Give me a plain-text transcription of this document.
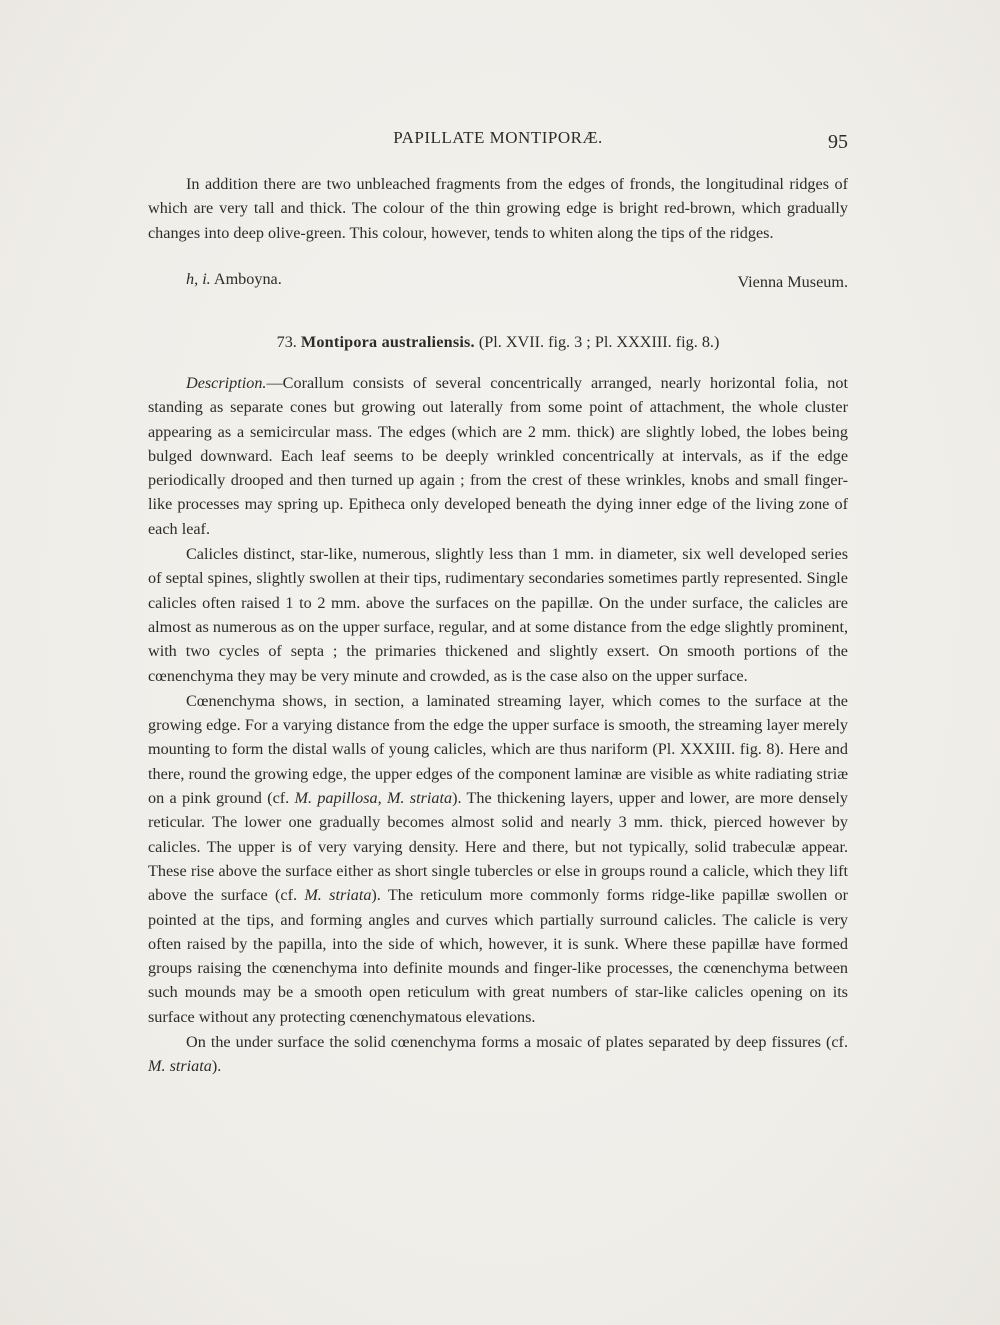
PAPILLATE MONTIPORÆ.	95

In addition there are two unbleached fragments from the edges of fronds, the longitudinal ridges of which are very tall and thick. The colour of the thin growing edge is bright red-brown, which gradually changes into deep olive-green. This colour, however, tends to whiten along the tips of the ridges.

h, i. Amboyna.	Vienna Museum.
73. Montipora australiensis. (Pl. XVII. fig. 3 ; Pl. XXXIII. fig. 8.)

Description.—Corallum consists of several concentrically arranged, nearly horizontal folia, not standing as separate cones but growing out laterally from some point of attachment, the whole cluster appearing as a semicircular mass. The edges (which are 2 mm. thick) are slightly lobed, the lobes being bulged downward. Each leaf seems to be deeply wrinkled concentrically at intervals, as if the edge periodically drooped and then turned up again ; from the crest of these wrinkles, knobs and small finger-like processes may spring up. Epitheca only developed beneath the dying inner edge of the living zone of each leaf.

Calicles distinct, star-like, numerous, slightly less than 1 mm. in diameter, six well developed series of septal spines, slightly swollen at their tips, rudimentary secondaries sometimes partly represented. Single calicles often raised 1 to 2 mm. above the surfaces on the papillæ. On the under surface, the calicles are almost as numerous as on the upper surface, regular, and at some distance from the edge slightly prominent, with two cycles of septa ; the primaries thickened and slightly exsert. On smooth portions of the cœnenchyma they may be very minute and crowded, as is the case also on the upper surface.

Cœnenchyma shows, in section, a laminated streaming layer, which comes to the surface at the growing edge. For a varying distance from the edge the upper surface is smooth, the streaming layer merely mounting to form the distal walls of young calicles, which are thus nariform (Pl. XXXIII. fig. 8). Here and there, round the growing edge, the upper edges of the component laminæ are visible as white radiating striæ on a pink ground (cf. M. papillosa, M. striata). The thickening layers, upper and lower, are more densely reticular. The lower one gradually becomes almost solid and nearly 3 mm. thick, pierced however by calicles. The upper is of very varying density. Here and there, but not typically, solid trabeculæ appear. These rise above the surface either as short single tubercles or else in groups round a calicle, which they lift above the surface (cf. M. striata). The reticulum more commonly forms ridge-like papillæ swollen or pointed at the tips, and forming angles and curves which partially surround calicles. The calicle is very often raised by the papilla, into the side of which, however, it is sunk. Where these papillæ have formed groups raising the cœnenchyma into definite mounds and finger-like processes, the cœnenchyma between such mounds may be a smooth open reticulum with great numbers of star-like calicles opening on its surface without any protecting cœnenchymatous elevations.

On the under surface the solid cœnenchyma forms a mosaic of plates separated by deep fissures (cf. M. striata).
